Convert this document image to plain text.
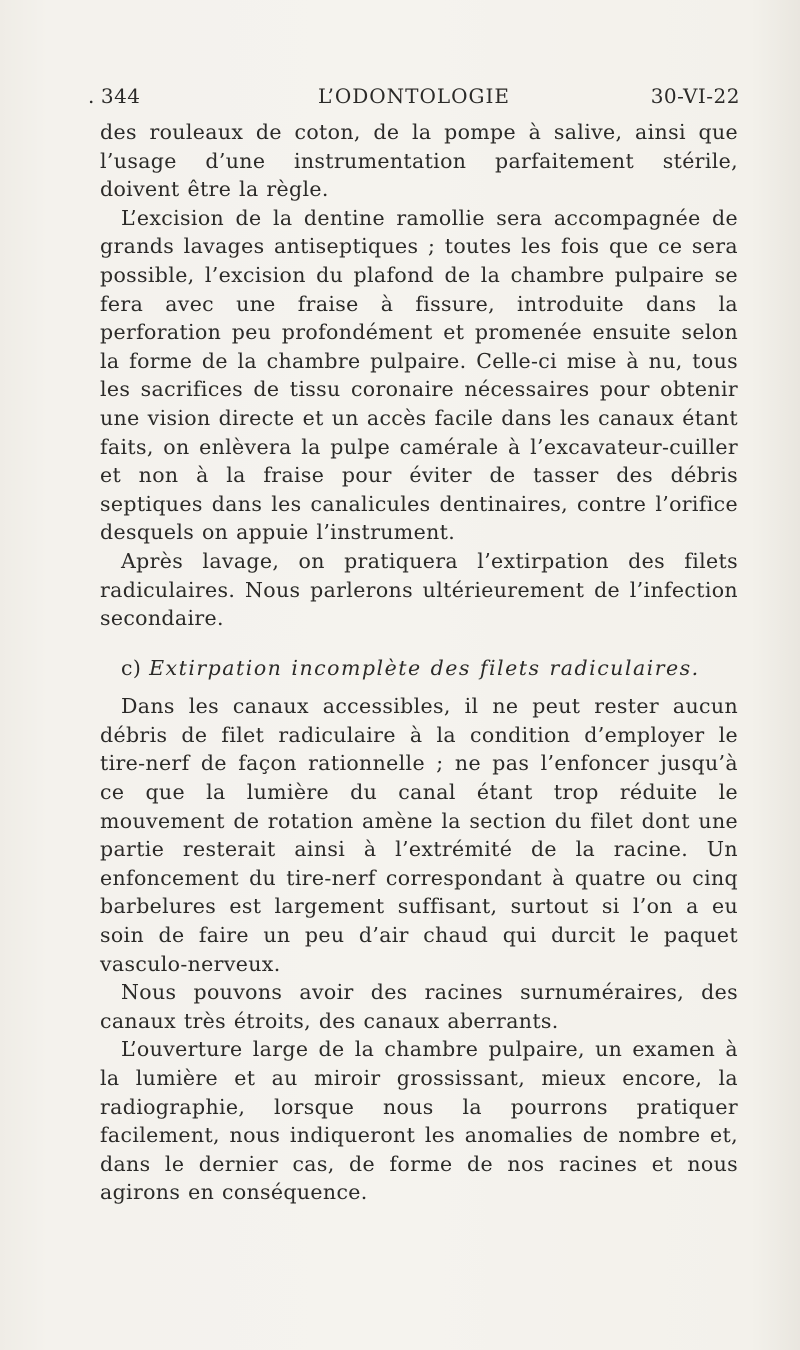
. 344	L’ODONTOLOGIE	30-VI-22

des rouleaux de coton, de la pompe à salive, ainsi que l’usage d’une instrumentation parfaitement stérile, doivent être la règle.

L’excision de la dentine ramollie sera accompagnée de grands lavages antiseptiques ; toutes les fois que ce sera possible, l’excision du plafond de la chambre pulpaire se fera avec une fraise à fissure, introduite dans la perforation peu profondément et promenée ensuite selon la forme de la chambre pulpaire. Celle-ci mise à nu, tous les sacrifices de tissu coronaire nécessaires pour obtenir une vision directe et un accès facile dans les canaux étant faits, on enlèvera la pulpe camérale à l’excavateur-cuiller et non à la fraise pour éviter de tasser des débris septiques dans les canalicules dentinaires, contre l’orifice desquels on appuie l’instrument.

Après lavage, on pratiquera l’extirpation des filets radiculaires. Nous parlerons ultérieurement de l’infection secondaire.

c) Extirpation incomplète des filets radiculaires.

Dans les canaux accessibles, il ne peut rester aucun débris de filet radiculaire à la condition d’employer le tire-nerf de façon rationnelle ; ne pas l’enfoncer jusqu’à ce que la lumière du canal étant trop réduite le mouvement de rotation amène la section du filet dont une partie resterait ainsi à l’extrémité de la racine. Un enfoncement du tire-nerf correspondant à quatre ou cinq barbelures est largement suffisant, surtout si l’on a eu soin de faire un peu d’air chaud qui durcit le paquet vasculo-nerveux.

Nous pouvons avoir des racines surnuméraires, des canaux très étroits, des canaux aberrants.

L’ouverture large de la chambre pulpaire, un examen à la lumière et au miroir grossissant, mieux encore, la radiographie, lorsque nous la pourrons pratiquer facilement, nous indiqueront les anomalies de nombre et, dans le dernier cas, de forme de nos racines et nous agirons en conséquence.
